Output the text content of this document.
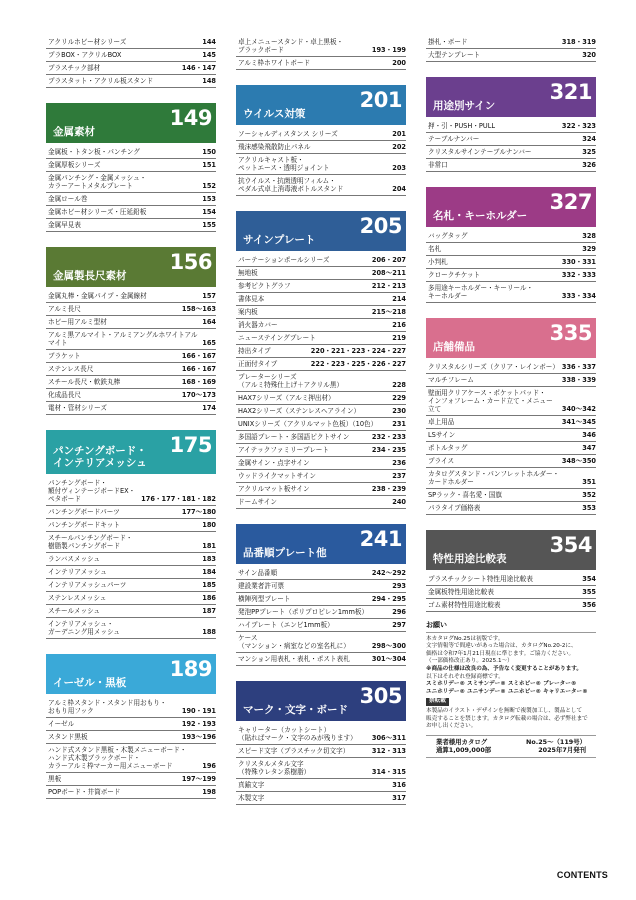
アクリルホビー材シリーズ	144
プラBOX・アクリルBOX	145
プラスチック部材	146・147
プラスタット・アクリル板スタンド	148
金属素材
149
金属板・トタン板・パンチング	150
金属厚板シリーズ	151
金属パンチング・金属メッシュ・
カラーアートメタルプレート	152
金属ロール巻	153
金属ホビー材シリーズ・圧延鉛板	154
金属早見表	155
金属製長尺素材
156
金属丸棒・金属パイプ・金属線材	157
アルミ長尺	158〜163
ホビー用アルミ型材	164
アルミ黒アルマイト・アルミアングルホワイトアルマイト	165
ブラケット	166・167
ステンレス長尺	166・167
スチール長尺・軟鉄丸棒	168・169
化成品長尺	170〜173
電材・管材シリーズ	174
パンチングボード・
インテリアメッシュ
175
パンチングボード・
額付ヴィンテージボードEX・
ペタボード	176・177・181・182
パンチングボードパーツ	177〜180
パンチングボードキット	180
スチールパンチングボード・
樹脂製パンチングボード	181
ランバスメッシュ	183
インテリアメッシュ	184
インテリアメッシュパーツ	185
ステンレスメッシュ	186
スチールメッシュ	187
インテリアメッシュ・
ガーデニング用メッシュ	188
イーゼル・黒板
189
アルミ枠スタンド・スタンド用おもり・
おもり用フック	190・191
イーゼル	192・193
スタンド黒板	193〜196
ハンド式スタンド黒板・木製メニューボード・
ハンド式木製ブラックボード・
カラーアルミ枠マーカー用メニューボード	196
黒板	197〜199
POPボード・井筒ボード	198
卓上メニュースタンド・卓上黒板・
ブラックボード	193・199
アルミ枠ホワイトボード	200
ウイルス対策
201
ソーシャルディスタンス シリーズ	201
飛沫感染飛散防止パネル	202
アクリルキャスト板・
ペットエース・透明ジョイント	203
抗ウイルス・抗菌透明フィルム・
ペダル式卓上消毒液ボトルスタンド	204
サインプレート
205
パーテーションポールシリーズ	206・207
無地板	208〜211
参考ピクトグラフ	212・213
書体見本	214
案内板	215〜218
消火器カバー	216
ニューステイングプレート	219
持出タイプ	220・221・223・224・227
正面付タイプ	222・223・225・226・227
プレーターシリーズ
（アルミ特殊仕上げ＋アクリル黒）	228
HAX7シリーズ（アルミ押出材）	229
HAX2シリーズ（ステンレスヘアライン）	230
UNIXシリーズ（アクリルマット色板）（10色）	231
多国語プレート・多国語ピクトサイン	232・233
アイテックファミリープレート	234・235
金属サイン・点字サイン	236
ウッドライクマットサイン	237
アクリルマット板サイン	238・239
ドームサイン	240
品番順プレート他
241
サイン品番順	242〜292
建設業者許可票	293
横陣列型プレート	294・295
発泡PPプレート（ポリプロピレン1mm板）	296
ハイプレート（エンビ1mm板）	297
ケース
（マンション・病室などの室名札に）	298〜300
マンション用表札・表札・ポスト表札	301〜304
マーク・文字・ボード
305
キャリーター（カットシート）
（貼ればマーク・文字のみが残ります）	306〜311
スピード文字（プラスチック切文字）	312・313
クリスタルメタル文字
（特殊ウレタン系樹脂）	314・315
真鍮文字	316
木製文字	317
掛札・ボード	318・319
大型テンプレート	320
用途別サイン
321
押・引・PUSH・PULL	322・323
テーブルナンバー	324
クリスタルサインテーブルナンバー	325
非常口	326
名札・キーホルダー
327
バッグタッグ	328
名札	329
小判札	330・331
クロークチケット	332・333
多用途キーホルダー・キーリール・
キーホルダー	333・334
店舗備品
335
クリスタルシリーズ（クリア・レインボー） 336・337
マルチフレーム	338・339
壁面用クリアケース・ポケットパッド・
インフォフレーム・カード立て・メニュー立て	340〜342
卓上用品	341〜345
LSサイン	346
ポトルタッグ	347
プライス	348〜350
カタログスタンド・パンフレットホルダー・
カードホルダー	351
SPラック・喜名愛・国旗	352
パラタイプ価格表	353
特性用途比較表
354
プラスチックシート特性用途比較表	354
金属板特性用途比較表	355
ゴム素材特性用途比較表	356
お願い
本カタログNo.25は初版です。
文字情報等で間違いがあった場合は、カタログNo.20-2に、
価格は令和7年1月21日現在に準じます。ご協力ください。
（一部価格改正あり。2025.1〜）
※商品の仕様は改良の為、予告なく変更することがあります。
以下はそれぞれ登録商標です。
スミホリデー® スミサンデー® スミホビー® ブレーター®
ユニホリデー® ユニサンデー® ユニホビー® キャリエーター®
禁転載
本製品のイラスト・デザインを無断で複製加工し、製品として
販売することを禁じます。カタログ転載の場合は、必ず弊社まで
お申し出ください。
業者様用カタログ	No.25〜（119号）
通算1,009,000部	2025年7月発刊
CONTENTS
